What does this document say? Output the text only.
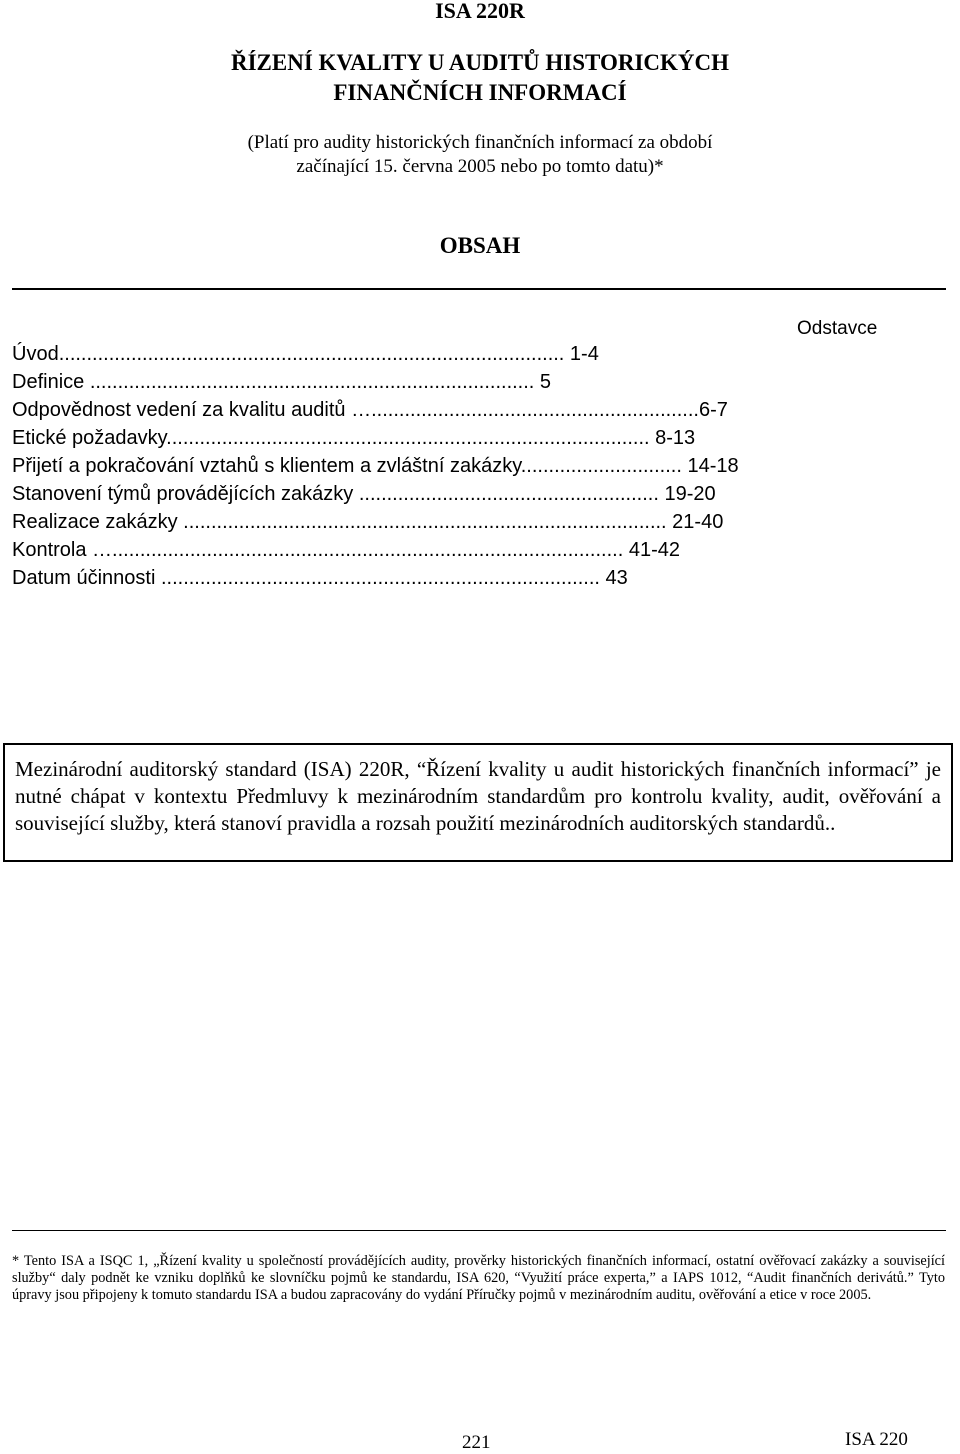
ISA 220R
ŘÍZENÍ KVALITY U AUDITŮ HISTORICKÝCH
FINANČNÍCH INFORMACÍ
(Platí pro audity historických finančních informací za období
začínající 15. června 2005 nebo po tomto datu)*
OBSAH
Odstavce
Úvod........................................................................................... 1-4
Definice ................................................................................ 5
Odpovědnost vedení za kvalitu auditů …...........................................................6-7
Etické požadavky....................................................................................... 8-13
Přijetí a pokračování vztahů s klientem a zvláštní zakázky............................. 14-18
Stanovení týmů provádějících zakázky ...................................................... 19-20
Realizace zakázky ....................................................................................... 21-40
Kontrola …............................................................................................ 41-42
Datum účinnosti ............................................................................... 43
Mezinárodní auditorský standard (ISA) 220R, “Řízení kvality u audit historických finančních informací” je nutné chápat v kontextu Předmluvy k mezinárodním standardům pro kontrolu kvality, audit, ověřování a související služby, která stanoví pravidla a rozsah použití mezinárodních auditorských standardů..
* Tento ISA a ISQC 1, „Řízení kvality u společností provádějících audity, prověrky historických finančních informací, ostatní ověřovací zakázky a související služby“ daly podnět ke vzniku doplňků ke slovníčku pojmů ke standardu, ISA 620, “Využití práce experta,” a IAPS 1012, “Audit finančních derivátů.” Tyto úpravy jsou připojeny k tomuto standardu ISA a budou zapracovány do vydání Příručky pojmů v mezinárodním auditu, ověřování a etice v roce 2005.
221	ISA 220
